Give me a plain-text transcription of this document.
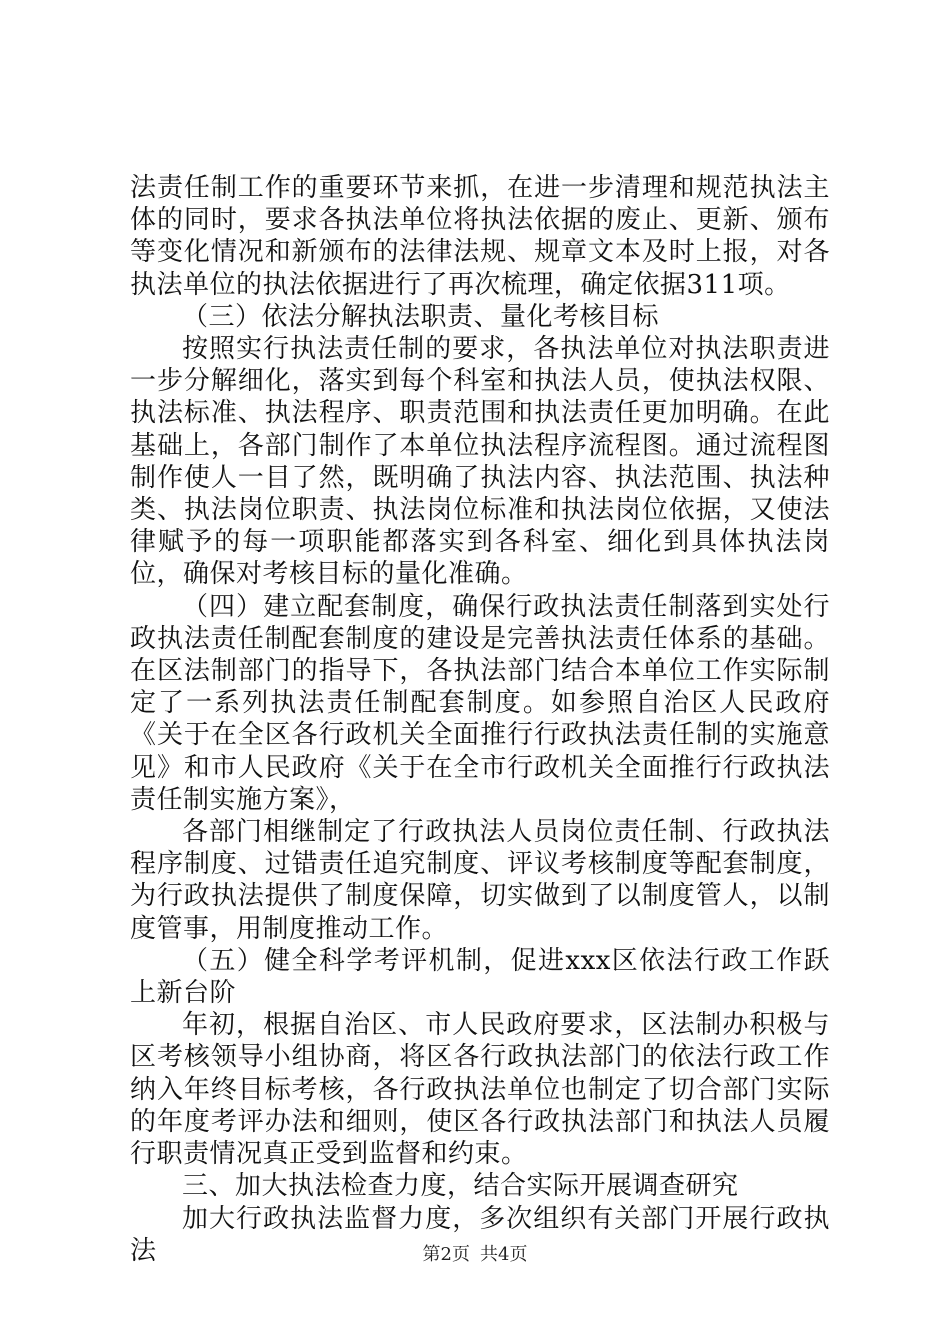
法责任制工作的重要环节来抓，在进一步清理和规范执法主体的同时，要求各执法单位将执法依据的废止、更新、颁布等变化情况和新颁布的法律法规、规章文本及时上报，对各执法单位的执法依据进行了再次梳理，确定依据311项。

（三）依法分解执法职责、量化考核目标

按照实行执法责任制的要求，各执法单位对执法职责进一步分解细化，落实到每个科室和执法人员，使执法权限、执法标准、执法程序、职责范围和执法责任更加明确。在此基础上，各部门制作了本单位执法程序流程图。通过流程图制作使人一目了然，既明确了执法内容、执法范围、执法种类、执法岗位职责、执法岗位标准和执法岗位依据，又使法律赋予的每一项职能都落实到各科室、细化到具体执法岗位，确保对考核目标的量化准确。

（四）建立配套制度，确保行政执法责任制落到实处行政执法责任制配套制度的建设是完善执法责任体系的基础。在区法制部门的指导下，各执法部门结合本单位工作实际制定了一系列执法责任制配套制度。如参照自治区人民政府《关于在全区各行政机关全面推行行政执法责任制的实施意见》和市人民政府《关于在全市行政机关全面推行行政执法责任制实施方案》，

各部门相继制定了行政执法人员岗位责任制、行政执法程序制度、过错责任追究制度、评议考核制度等配套制度，为行政执法提供了制度保障，切实做到了以制度管人，以制度管事，用制度推动工作。

（五）健全科学考评机制，促进xxx区依法行政工作跃上新台阶

年初，根据自治区、市人民政府要求，区法制办积极与区考核领导小组协商，将区各行政执法部门的依法行政工作纳入年终目标考核，各行政执法单位也制定了切合部门实际的年度考评办法和细则，使区各行政执法部门和执法人员履行职责情况真正受到监督和约束。

三、加大执法检查力度，结合实际开展调查研究

加大行政执法监督力度，多次组织有关部门开展行政执法	第2页 共4页
